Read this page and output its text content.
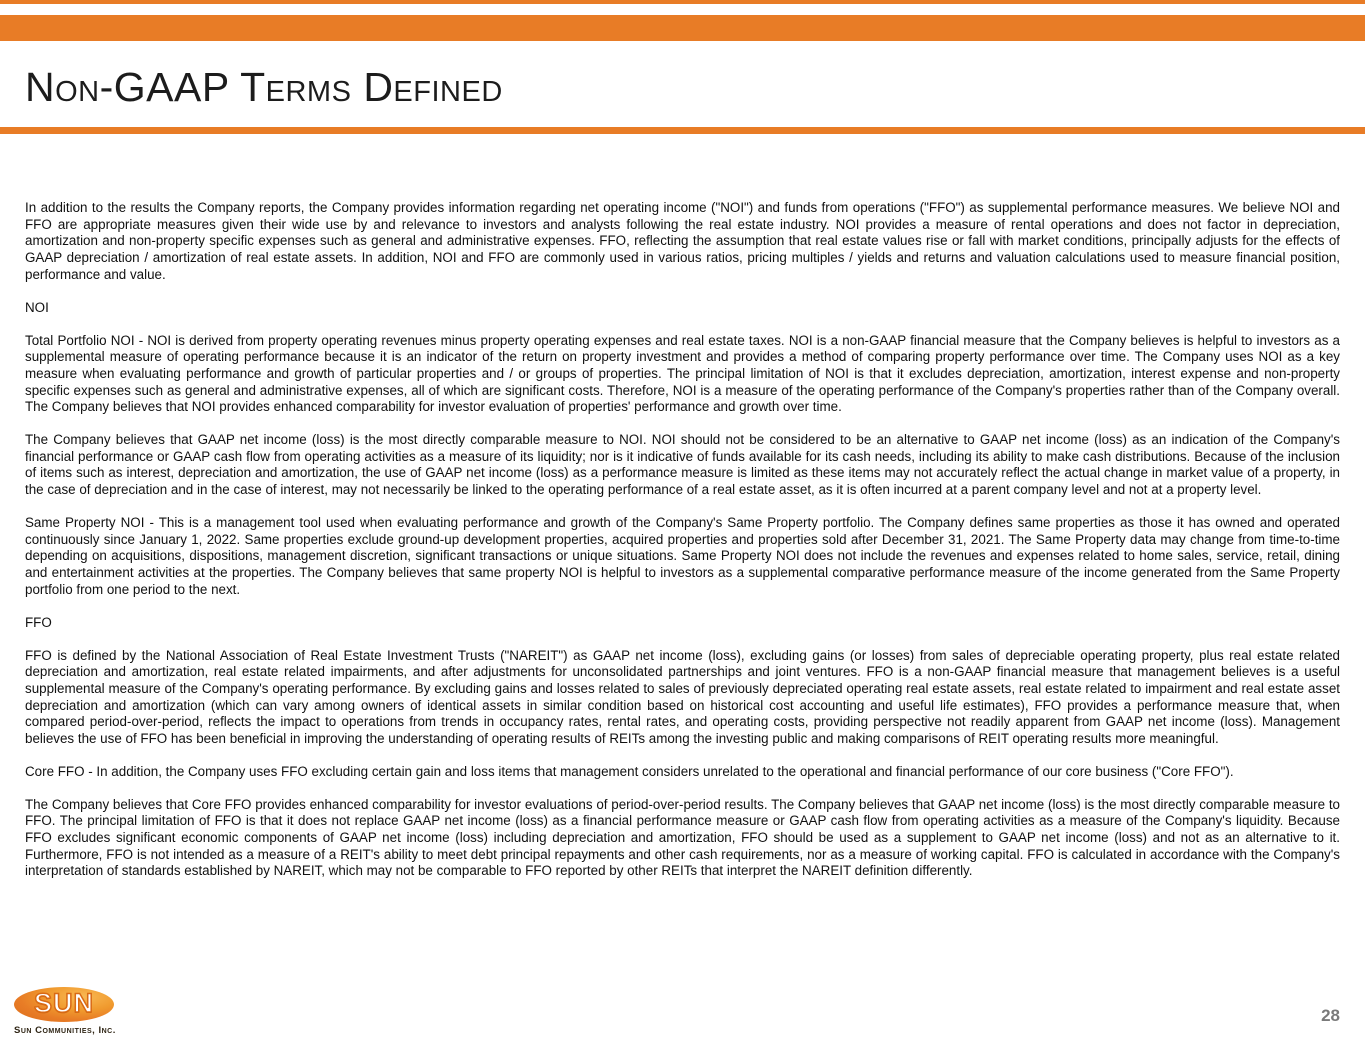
Non-GAAP Terms Defined

In addition to the results the Company reports, the Company provides information regarding net operating income ("NOI") and funds from operations ("FFO") as supplemental performance measures. We believe NOI and FFO are appropriate measures given their wide use by and relevance to investors and analysts following the real estate industry. NOI provides a measure of rental operations and does not factor in depreciation, amortization and non-property specific expenses such as general and administrative expenses. FFO, reflecting the assumption that real estate values rise or fall with market conditions, principally adjusts for the effects of GAAP depreciation / amortization of real estate assets. In addition, NOI and FFO are commonly used in various ratios, pricing multiples / yields and returns and valuation calculations used to measure financial position, performance and value.

NOI

Total Portfolio NOI - NOI is derived from property operating revenues minus property operating expenses and real estate taxes. NOI is a non-GAAP financial measure that the Company believes is helpful to investors as a supplemental measure of operating performance because it is an indicator of the return on property investment and provides a method of comparing property performance over time. The Company uses NOI as a key measure when evaluating performance and growth of particular properties and / or groups of properties. The principal limitation of NOI is that it excludes depreciation, amortization, interest expense and non-property specific expenses such as general and administrative expenses, all of which are significant costs. Therefore, NOI is a measure of the operating performance of the Company's properties rather than of the Company overall. The Company believes that NOI provides enhanced comparability for investor evaluation of properties' performance and growth over time.

The Company believes that GAAP net income (loss) is the most directly comparable measure to NOI. NOI should not be considered to be an alternative to GAAP net income (loss) as an indication of the Company's financial performance or GAAP cash flow from operating activities as a measure of its liquidity; nor is it indicative of funds available for its cash needs, including its ability to make cash distributions. Because of the inclusion of items such as interest, depreciation and amortization, the use of GAAP net income (loss) as a performance measure is limited as these items may not accurately reflect the actual change in market value of a property, in the case of depreciation and in the case of interest, may not necessarily be linked to the operating performance of a real estate asset, as it is often incurred at a parent company level and not at a property level.

Same Property NOI - This is a management tool used when evaluating performance and growth of the Company's Same Property portfolio. The Company defines same properties as those it has owned and operated continuously since January 1, 2022. Same properties exclude ground-up development properties, acquired properties and properties sold after December 31, 2021. The Same Property data may change from time-to-time depending on acquisitions, dispositions, management discretion, significant transactions or unique situations. Same Property NOI does not include the revenues and expenses related to home sales, service, retail, dining and entertainment activities at the properties. The Company believes that same property NOI is helpful to investors as a supplemental comparative performance measure of the income generated from the Same Property portfolio from one period to the next.

FFO

FFO is defined by the National Association of Real Estate Investment Trusts ("NAREIT") as GAAP net income (loss), excluding gains (or losses) from sales of depreciable operating property, plus real estate related depreciation and amortization, real estate related impairments, and after adjustments for unconsolidated partnerships and joint ventures. FFO is a non-GAAP financial measure that management believes is a useful supplemental measure of the Company's operating performance. By excluding gains and losses related to sales of previously depreciated operating real estate assets, real estate related to impairment and real estate asset depreciation and amortization (which can vary among owners of identical assets in similar condition based on historical cost accounting and useful life estimates), FFO provides a performance measure that, when compared period-over-period, reflects the impact to operations from trends in occupancy rates, rental rates, and operating costs, providing perspective not readily apparent from GAAP net income (loss). Management believes the use of FFO has been beneficial in improving the understanding of operating results of REITs among the investing public and making comparisons of REIT operating results more meaningful.

Core FFO - In addition, the Company uses FFO excluding certain gain and loss items that management considers unrelated to the operational and financial performance of our core business ("Core FFO").

The Company believes that Core FFO provides enhanced comparability for investor evaluations of period-over-period results. The Company believes that GAAP net income (loss) is the most directly comparable measure to FFO. The principal limitation of FFO is that it does not replace GAAP net income (loss) as a financial performance measure or GAAP cash flow from operating activities as a measure of the Company's liquidity. Because FFO excludes significant economic components of GAAP net income (loss) including depreciation and amortization, FFO should be used as a supplement to GAAP net income (loss) and not as an alternative to it. Furthermore, FFO is not intended as a measure of a REIT's ability to meet debt principal repayments and other cash requirements, nor as a measure of working capital. FFO is calculated in accordance with the Company's interpretation of standards established by NAREIT, which may not be comparable to FFO reported by other REITs that interpret the NAREIT definition differently.

SUN
Sun Communities, Inc.
28
